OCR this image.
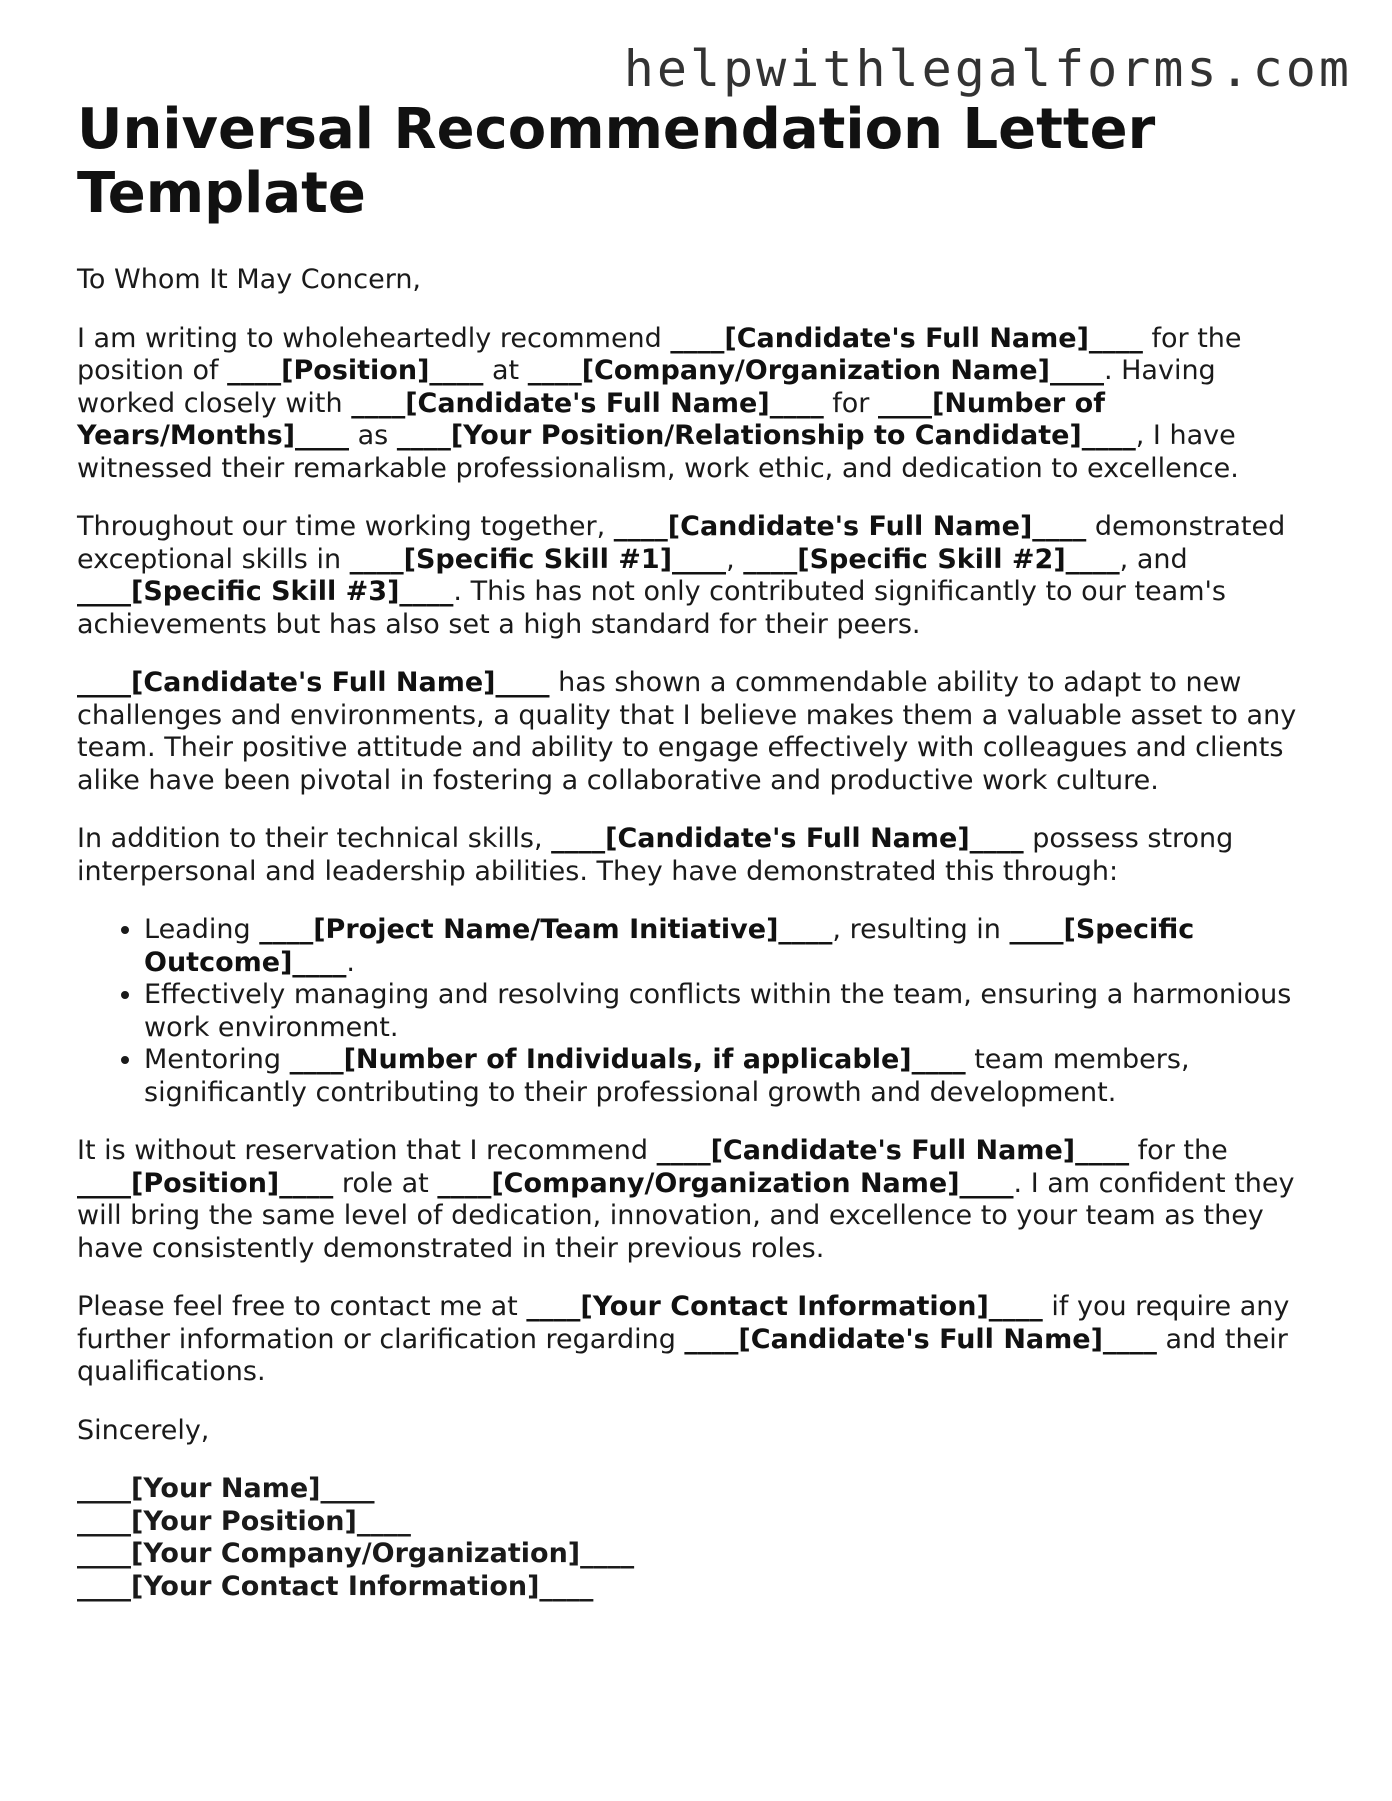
helpwithlegalforms.com
Universal Recommendation Letter Template

To Whom It May Concern,

I am writing to wholeheartedly recommend ____[Candidate's Full Name]____ for the position of ____[Position]____ at ____[Company/Organization Name]____. Having worked closely with ____[Candidate's Full Name]____ for ____[Number of Years/Months]____ as ____[Your Position/Relationship to Candidate]____, I have witnessed their remarkable professionalism, work ethic, and dedication to excellence.

Throughout our time working together, ____[Candidate's Full Name]____ demonstrated exceptional skills in ____[Specific Skill #1]____, ____[Specific Skill #2]____, and ____[Specific Skill #3]____. This has not only contributed significantly to our team's achievements but has also set a high standard for their peers.

____[Candidate's Full Name]____ has shown a commendable ability to adapt to new challenges and environments, a quality that I believe makes them a valuable asset to any team. Their positive attitude and ability to engage effectively with colleagues and clients alike have been pivotal in fostering a collaborative and productive work culture.

In addition to their technical skills, ____[Candidate's Full Name]____ possess strong interpersonal and leadership abilities. They have demonstrated this through:

• Leading ____[Project Name/Team Initiative]____, resulting in ____[Specific Outcome]____.
• Effectively managing and resolving conflicts within the team, ensuring a harmonious work environment.
• Mentoring ____[Number of Individuals, if applicable]____ team members, significantly contributing to their professional growth and development.

It is without reservation that I recommend ____[Candidate's Full Name]____ for the ____[Position]____ role at ____[Company/Organization Name]____. I am confident they will bring the same level of dedication, innovation, and excellence to your team as they have consistently demonstrated in their previous roles.

Please feel free to contact me at ____[Your Contact Information]____ if you require any further information or clarification regarding ____[Candidate's Full Name]____ and their qualifications.

Sincerely,

____[Your Name]____
____[Your Position]____
____[Your Company/Organization]____
____[Your Contact Information]____
